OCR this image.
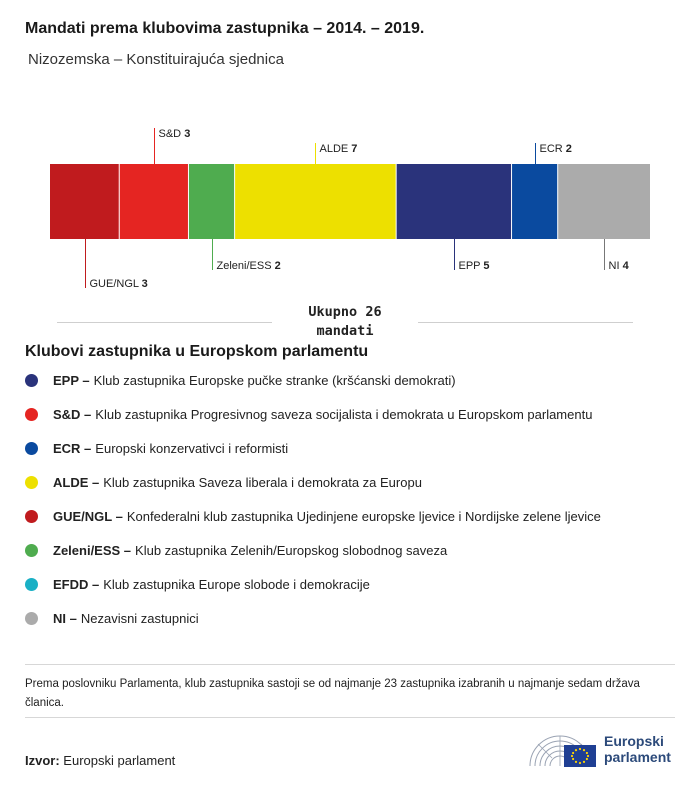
Mandati prema klubovima zastupnika – 2014. – 2019.
Nizozemska – Konstituirajuća sjednica
GUE/NGL 3
S&D 3
Zeleni/ESS 2
ALDE 7
EPP 5
ECR 2
NI 4
Ukupno 26
mandati
Klubovi zastupnika u Europskom parlamentu
EPP – Klub zastupnika Europske pučke stranke (kršćanski demokrati)
S&D – Klub zastupnika Progresivnog saveza socijalista i demokrata u Europskom parlamentu
ECR – Europski konzervativci i reformisti
ALDE – Klub zastupnika Saveza liberala i demokrata za Europu
GUE/NGL – Konfederalni klub zastupnika Ujedinjene europske ljevice i Nordijske zelene ljevice
Zeleni/ESS – Klub zastupnika Zelenih/Europskog slobodnog saveza
EFDD – Klub zastupnika Europe slobode i demokracije
NI – Nezavisni zastupnici
Prema poslovniku Parlamenta, klub zastupnika sastoji se od najmanje 23 zastupnika izabranih u najmanje sedam država članica.
Izvor: Europski parlament
Europski
parlament
